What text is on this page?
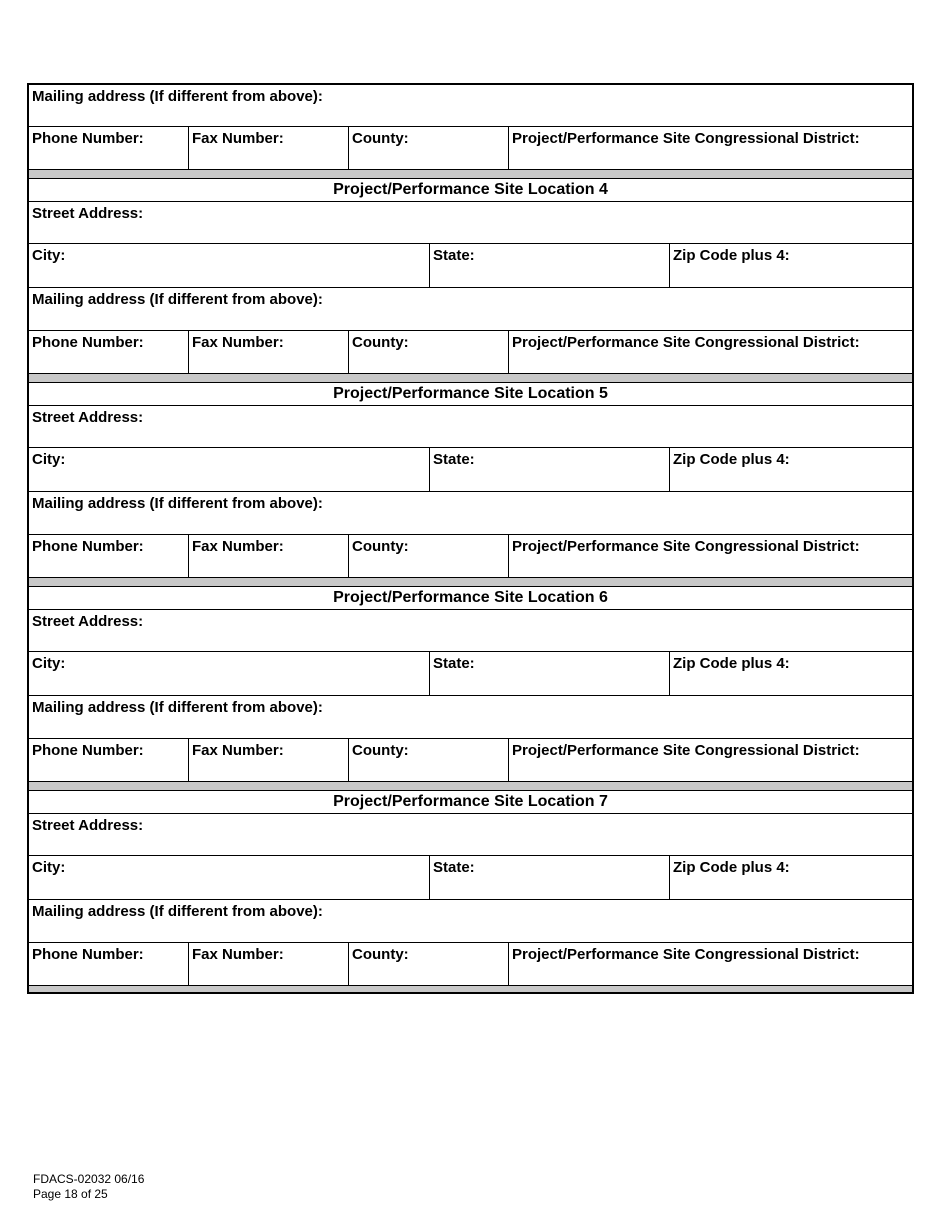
Mailing address (If different from above):
Phone Number:	Fax Number:	County:	Project/Performance Site Congressional District:
Project/Performance Site Location 4
Street Address:
City:	State:	Zip Code plus 4:
Mailing address (If different from above):
Phone Number:	Fax Number:	County:	Project/Performance Site Congressional District:
Project/Performance Site Location 5
Street Address:
City:	State:	Zip Code plus 4:
Mailing address (If different from above):
Phone Number:	Fax Number:	County:	Project/Performance Site Congressional District:
Project/Performance Site Location 6
Street Address:
City:	State:	Zip Code plus 4:
Mailing address (If different from above):
Phone Number:	Fax Number:	County:	Project/Performance Site Congressional District:
Project/Performance Site Location 7
Street Address:
City:	State:	Zip Code plus 4:
Mailing address (If different from above):
Phone Number:	Fax Number:	County:	Project/Performance Site Congressional District:
FDACS-02032 06/16
Page 18 of 25
